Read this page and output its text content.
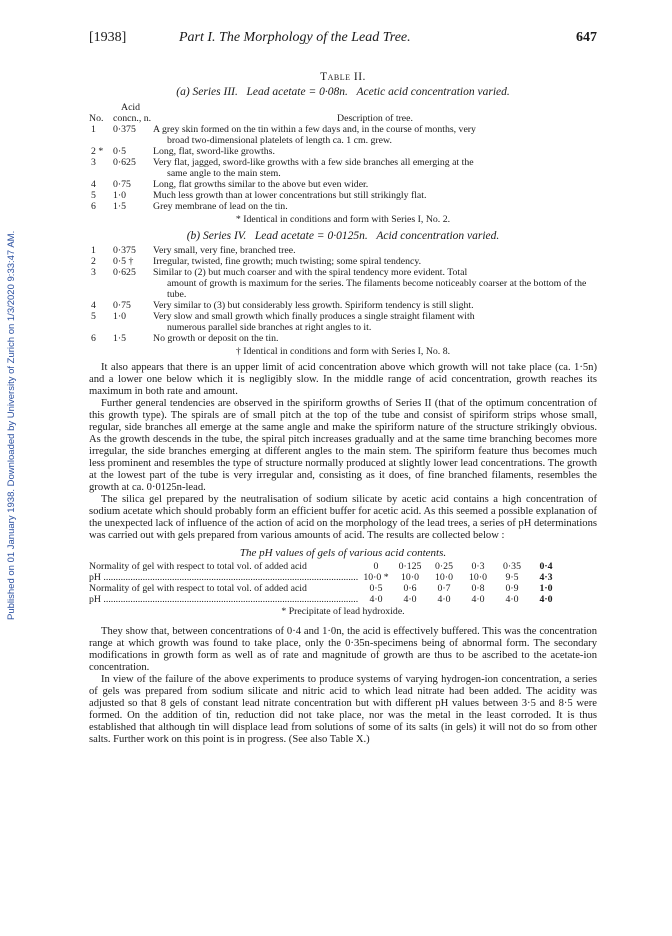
Published on 01 January 1938. Downloaded by University of Zurich on 1/3/2020 9:33:47 AM.
[1938]	Part I. The Morphology of the Lead Tree.	647
Table II.
(a) Series III. Lead acetate = 0·08n. Acetic acid concentration varied.
No.
Acid
concn., n.	Description of tree.
1	0·375	A grey skin formed on the tin within a few days and, in the course of months, very
broad two-dimensional platelets of length ca. 1 cm. grew.
2 * 0·5	Long, flat, sword-like growths.
3	0·625	Very flat, jagged, sword-like growths with a few side branches all emerging at the
same angle to the main stem.
4	0·75	Long, flat growths similar to the above but even wider.
5	1·0	Much less growth than at lower concentrations but still strikingly flat.
6	1·5	Grey membrane of lead on the tin.
* Identical in conditions and form with Series I, No. 2.
(b) Series IV. Lead acetate = 0·0125n. Acid concentration varied.
1	0·375	Very small, very fine, branched tree.
2	0·5 †	Irregular, twisted, fine growth; much twisting; some spiral tendency.
3	0·625	Similar to (2) but much coarser and with the spiral tendency more evident. Total
amount of growth is maximum for the series. The filaments become noticeably coarser at the bottom of the tube.
4	0·75	Very similar to (3) but considerably less growth. Spiriform tendency is still slight.
5	1·0	Very slow and small growth which finally produces a single straight filament with
numerous parallel side branches at right angles to it.
6	1·5	No growth or deposit on the tin.
† Identical in conditions and form with Series I, No. 8.

It also appears that there is an upper limit of acid concentration above which growth will not take place (ca. 1·5n) and a lower one below which it is negligibly slow. In the middle range of acid concentration, growth reaches its maximum in both rate and amount.

Further general tendencies are observed in the spiriform growths of Series II (that of the optimum concentration of this growth type). The spirals are of small pitch at the top of the tube and consist of spiriform strips whose small, regular, side branches all emerge at the same angle and make the spiriform nature of the structure strikingly obvious. As the growth descends in the tube, the spiral pitch increases gradually and at the same time branching becomes more irregular, the side branches emerging at different angles to the main stem. The spiriform feature thus becomes much less prominent and resembles the type of structure normally produced at slightly lower lead concentrations. The growth at the lowest part of the tube is very irregular and, consisting as it does, of fine branched filaments, resembles the growth at ca. 0·0125n-lead.

The silica gel prepared by the neutralisation of sodium silicate by acetic acid contains a high concentration of sodium acetate which should probably form an efficient buffer for acetic acid. As this seemed a possible explanation of the unexpected lack of influence of the action of acid on the morphology of the lead trees, a series of pH determinations was carried out with gels prepared from various amounts of acid. The results are collected below :

The pH values of gels of various acid contents.
Normality of gel with respect to total vol. of added acid	0	0·125	0·25	0·3	0·35	0·4
pH ........................................................................................................ 10·0 *	10·0	10·0	10·0	9·5	4·3
Normality of gel with respect to total vol. of added acid	0·5	0·6	0·7	0·8	0·9	1·0
pH ........................................................................................................	4·0	4·0	4·0	4·0	4·0	4·0
* Precipitate of lead hydroxide.

They show that, between concentrations of 0·4 and 1·0n, the acid is effectively buffered. This was the concentration range at which growth was found to take place, only the 0·35n-specimens being of abnormal form. The secondary modifications in growth form as well as of rate and magnitude of growth are thus to be ascribed to the acetate-ion concentration.

In view of the failure of the above experiments to produce systems of varying hydrogen-ion concentration, a series of gels was prepared from sodium silicate and nitric acid to which lead nitrate had been added. The acidity was adjusted so that 8 gels of constant lead nitrate concentration but with different pH values between 3·5 and 8·5 were formed. On the addition of tin, reduction did not take place, nor was the metal in the least corroded. It is thus established that although tin will displace lead from solutions of some of its salts (in gels) it will not do so from other salts. Further work on this point is in progress. (See also Table X.)
